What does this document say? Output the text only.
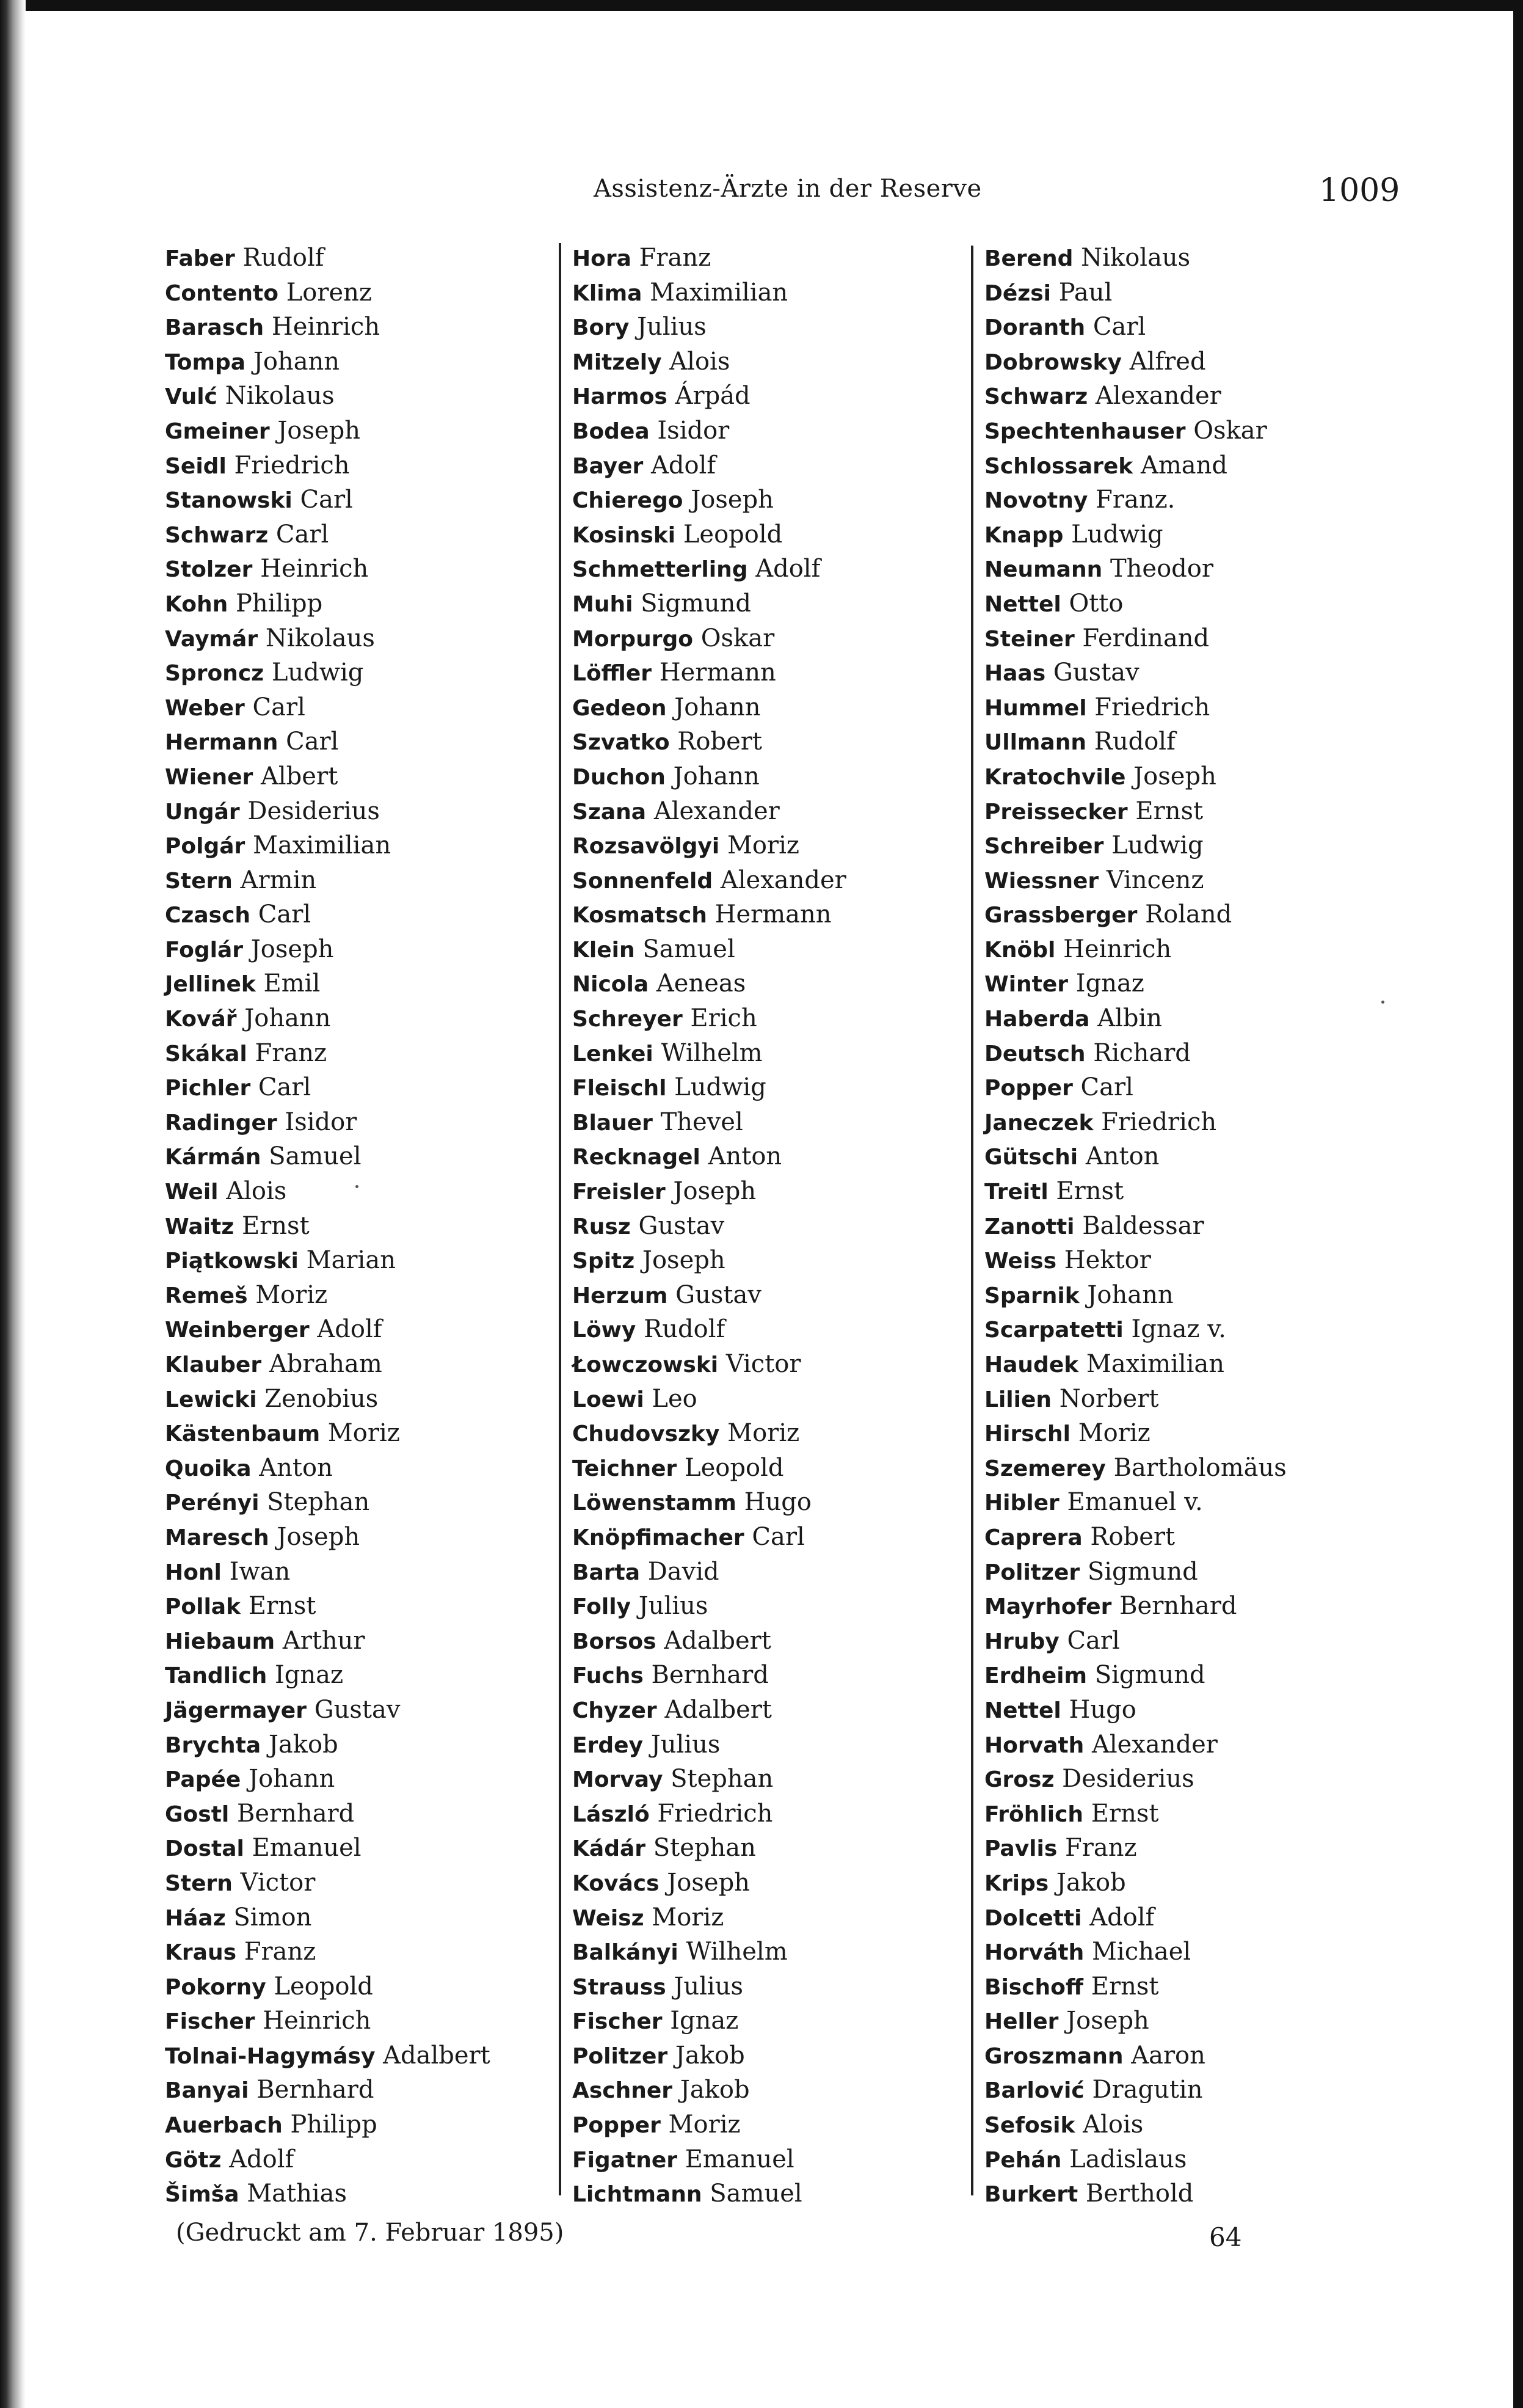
Assistenz-Ärzte in der Reserve	1009
Faber Rudolf
Contento Lorenz
Barasch Heinrich
Tompa Johann
Vulć Nikolaus
Gmeiner Joseph
Seidl Friedrich
Stanowski Carl
Schwarz Carl
Stolzer Heinrich
Kohn Philipp
Vaymár Nikolaus
Sproncz Ludwig
Weber Carl
Hermann Carl
Wiener Albert
Ungár Desiderius
Polgár Maximilian
Stern Armin
Czasch Carl
Foglár Joseph
Jellinek Emil
Kovář Johann
Skákal Franz
Pichler Carl
Radinger Isidor
Kármán Samuel
Weil Alois
Waitz Ernst
Piątkowski Marian
Remeš Moriz
Weinberger Adolf
Klauber Abraham
Lewicki Zenobius
Kästenbaum Moriz
Quoika Anton
Perényi Stephan
Maresch Joseph
Honl Iwan
Pollak Ernst
Hiebaum Arthur
Tandlich Ignaz
Jägermayer Gustav
Brychta Jakob
Papée Johann
Gostl Bernhard
Dostal Emanuel
Stern Victor
Háaz Simon
Kraus Franz
Pokorny Leopold
Fischer Heinrich
Tolnai-Hagymásy Adalbert
Banyai Bernhard
Auerbach Philipp
Götz Adolf
Šimša Mathias
Hora Franz
Klima Maximilian
Bory Julius
Mitzely Alois
Harmos Árpád
Bodea Isidor
Bayer Adolf
Chierego Joseph
Kosinski Leopold
Schmetterling Adolf
Muhi Sigmund
Morpurgo Oskar
Löffler Hermann
Gedeon Johann
Szvatko Robert
Duchon Johann
Szana Alexander
Rozsavölgyi Moriz
Sonnenfeld Alexander
Kosmatsch Hermann
Klein Samuel
Nicola Aeneas
Schreyer Erich
Lenkei Wilhelm
Fleischl Ludwig
Blauer Thevel
Recknagel Anton
Freisler Joseph
Rusz Gustav
Spitz Joseph
Herzum Gustav
Löwy Rudolf
Łowczowski Victor
Loewi Leo
Chudovszky Moriz
Teichner Leopold
Löwenstamm Hugo
Knöpfimacher Carl
Barta David
Folly Julius
Borsos Adalbert
Fuchs Bernhard
Chyzer Adalbert
Erdey Julius
Morvay Stephan
László Friedrich
Kádár Stephan
Kovács Joseph
Weisz Moriz
Balkányi Wilhelm
Strauss Julius
Fischer Ignaz
Politzer Jakob
Aschner Jakob
Popper Moriz
Figatner Emanuel
Lichtmann Samuel
Berend Nikolaus
Dézsi Paul
Doranth Carl
Dobrowsky Alfred
Schwarz Alexander
Spechtenhauser Oskar
Schlossarek Amand
Novotny Franz.
Knapp Ludwig
Neumann Theodor
Nettel Otto
Steiner Ferdinand
Haas Gustav
Hummel Friedrich
Ullmann Rudolf
Kratochvile Joseph
Preissecker Ernst
Schreiber Ludwig
Wiessner Vincenz
Grassberger Roland
Knöbl Heinrich
Winter Ignaz
Haberda Albin
Deutsch Richard
Popper Carl
Janeczek Friedrich
Gütschi Anton
Treitl Ernst
Zanotti Baldessar
Weiss Hektor
Sparnik Johann
Scarpatetti Ignaz v.
Haudek Maximilian
Lilien Norbert
Hirschl Moriz
Szemerey Bartholomäus
Hibler Emanuel v.
Caprera Robert
Politzer Sigmund
Mayrhofer Bernhard
Hruby Carl
Erdheim Sigmund
Nettel Hugo
Horvath Alexander
Grosz Desiderius
Fröhlich Ernst
Pavlis Franz
Krips Jakob
Dolcetti Adolf
Horváth Michael
Bischoff Ernst
Heller Joseph
Groszmann Aaron
Barlović Dragutin
Sefosik Alois
Pehán Ladislaus
Burkert Berthold
(Gedruckt am 7. Februar 1895)	64
